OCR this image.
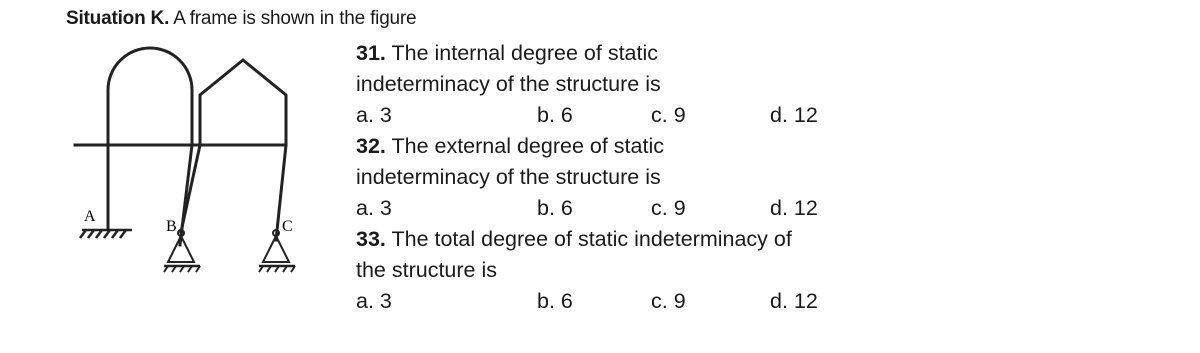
Situation K. A frame is shown in the figure
A
B	C
31. The internal degree of static
indeterminacy of the structure is
a. 3	b. 6	c. 9	d. 12
32. The external degree of static
indeterminacy of the structure is
a. 3	b. 6	c. 9	d. 12
33. The total degree of static indeterminacy of
the structure is
a. 3	b. 6	c. 9	d. 12
